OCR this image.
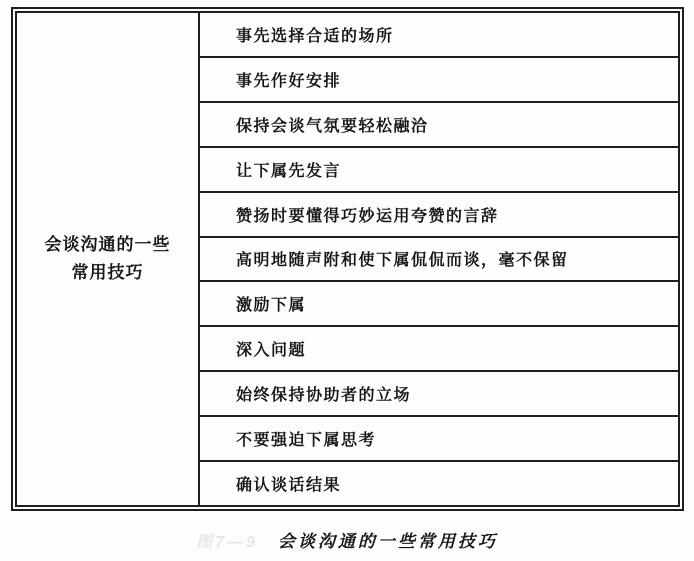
会谈沟通的一些
常用技巧
事先选择合适的场所
事先作好安排
保持会谈气氛要轻松融洽
让下属先发言
赞扬时要懂得巧妙运用夸赞的言辞
高明地随声附和使下属侃侃而谈，毫不保留
激励下属
深入问题
始终保持协助者的立场
不要强迫下属思考
确认谈话结果
图7—9 会谈沟通的一些常用技巧
